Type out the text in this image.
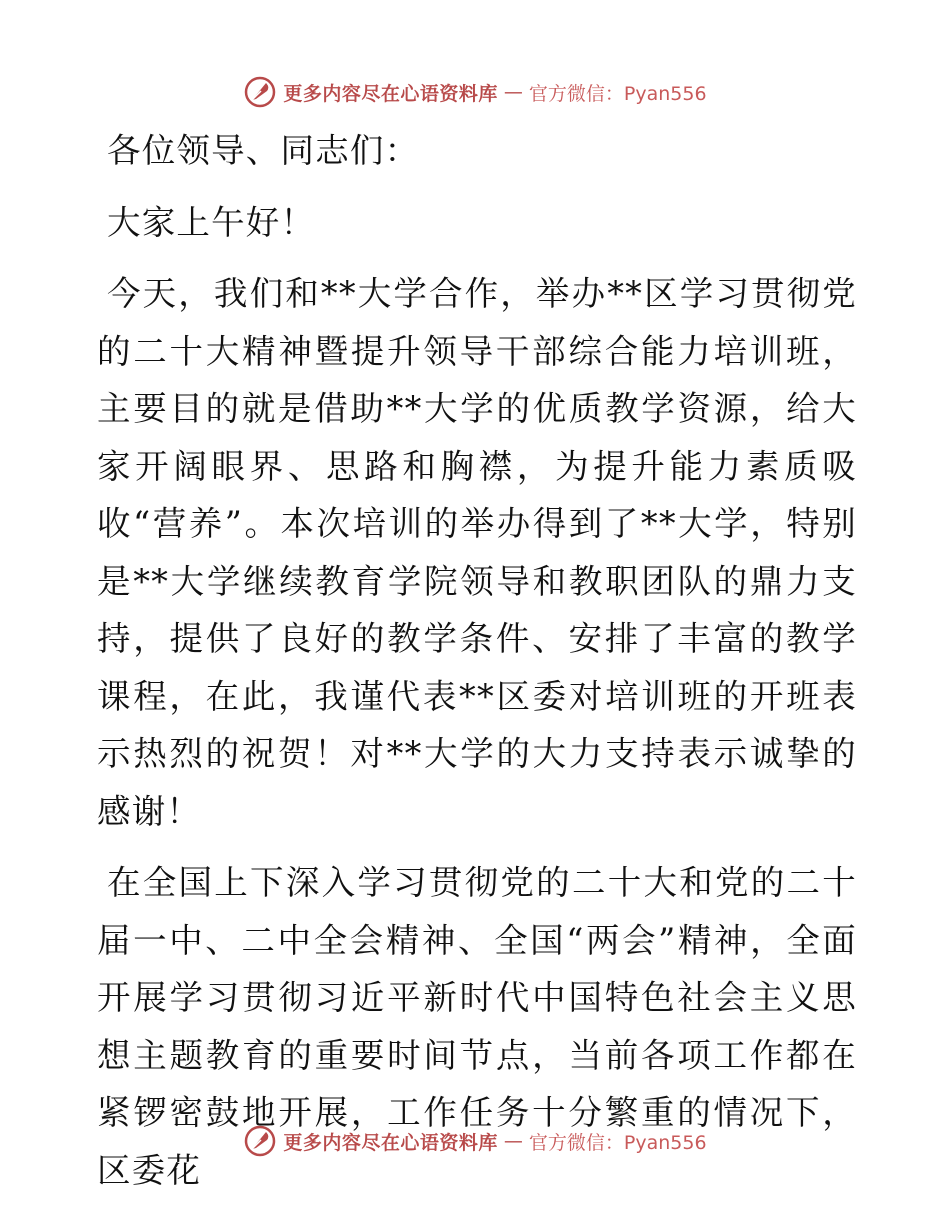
更多内容尽在心语资料库 — 官方微信：Pyan556

各位领导、同志们：

大家上午好！

今天，我们和**大学合作，举办**区学习贯彻党的二十大精神暨提升领导干部综合能力培训班，主要目的就是借助**大学的优质教学资源，给大家开阔眼界、思路和胸襟，为提升能力素质吸收“营养”。本次培训的举办得到了**大学，特别是**大学继续教育学院领导和教职团队的鼎力支持，提供了良好的教学条件、安排了丰富的教学课程，在此，我谨代表**区委对培训班的开班表示热烈的祝贺！对**大学的大力支持表示诚挚的感谢！

在全国上下深入学习贯彻党的二十大和党的二十届一中、二中全会精神、全国“两会”精神，全面开展学习贯彻习近平新时代中国特色社会主义思想主题教育的重要时间节点，当前各项工作都在紧锣密鼓地开展，工作任务十分繁重的情况下，区委花

更多内容尽在心语资料库 — 官方微信：Pyan556
